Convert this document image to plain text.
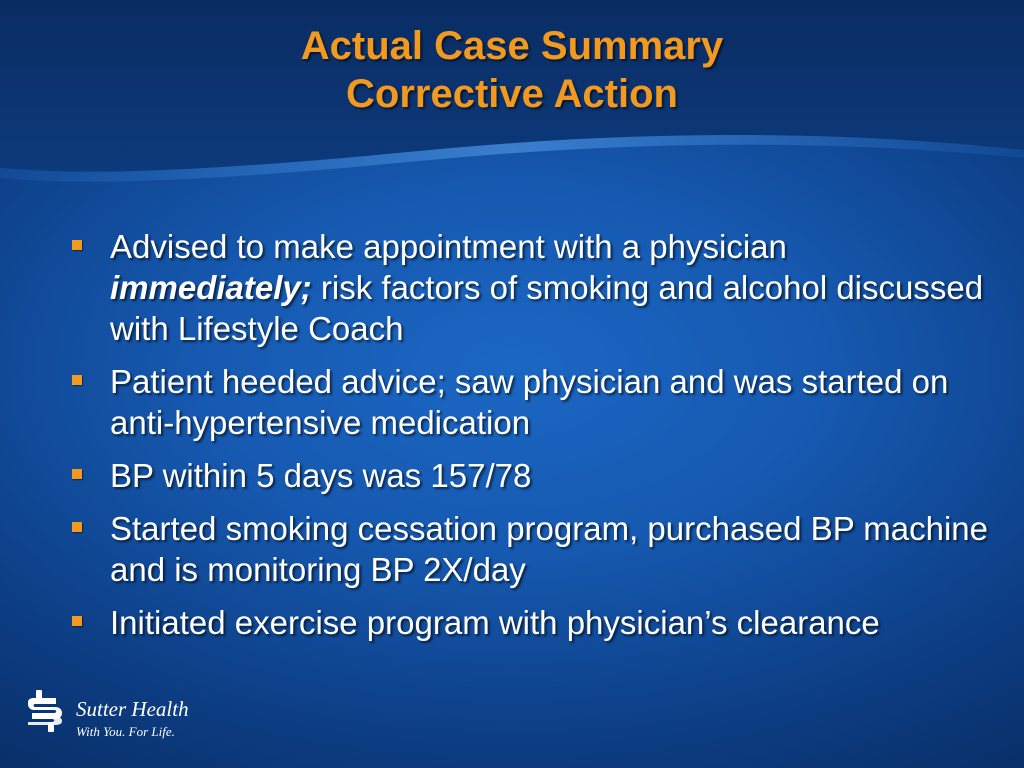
Actual Case Summary
Corrective Action
Advised to make appointment with a physician
immediately; risk factors of smoking and alcohol discussed with Lifestyle Coach
Patient heeded advice; saw physician and was started on anti-hypertensive medication
BP within 5 days was 157/78
Started smoking cessation program, purchased BP machine and is monitoring BP 2X/day
Initiated exercise program with physician’s clearance
Sutter Health
With You. For Life.
